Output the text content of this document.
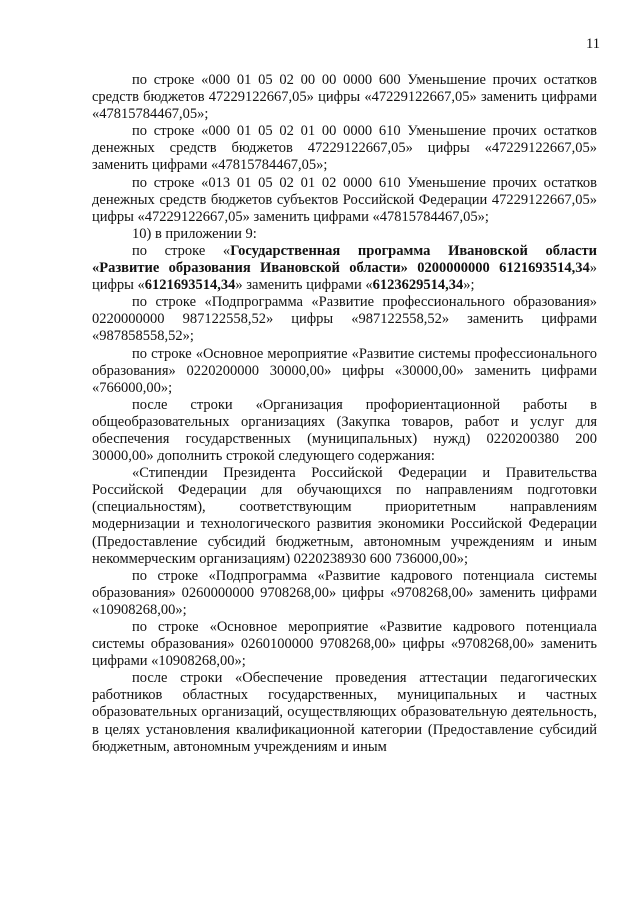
11

по строке «000 01 05 02 00 00 0000 600 Уменьшение прочих остатков средств бюджетов 47229122667,05» цифры «47229122667,05» заменить цифрами «47815784467,05»;

по строке «000 01 05 02 01 00 0000 610 Уменьшение прочих остатков денежных средств бюджетов 47229122667,05» цифры «47229122667,05» заменить цифрами «47815784467,05»;

по строке «013 01 05 02 01 02 0000 610 Уменьшение прочих остатков денежных средств бюджетов субъектов Российской Федерации 47229122667,05» цифры «47229122667,05» заменить цифрами «47815784467,05»;

10) в приложении 9:

по строке «Государственная программа Ивановской области «Развитие образования Ивановской области» 0200000000 6121693514,34» цифры «6121693514,34» заменить цифрами «6123629514,34»;

по строке «Подпрограмма «Развитие профессионального образования» 0220000000 987122558,52» цифры «987122558,52» заменить цифрами «987858558,52»;

по строке «Основное мероприятие «Развитие системы профессионального образования» 0220200000 30000,00» цифры «30000,00» заменить цифрами «766000,00»;

после строки «Организация профориентационной работы в общеобразовательных организациях (Закупка товаров, работ и услуг для обеспечения государственных (муниципальных) нужд) 0220200380 200 30000,00» дополнить строкой следующего содержания:

«Стипендии Президента Российской Федерации и Правительства Российской Федерации для обучающихся по направлениям подготовки (специальностям), соответствующим приоритетным направлениям модернизации и технологического развития экономики Российской Федерации (Предоставление субсидий бюджетным, автономным учреждениям и иным некоммерческим организациям) 0220238930 600 736000,00»;

по строке «Подпрограмма «Развитие кадрового потенциала системы образования» 0260000000 9708268,00» цифры «9708268,00» заменить цифрами «10908268,00»;

по строке «Основное мероприятие «Развитие кадрового потенциала системы образования» 0260100000 9708268,00» цифры «9708268,00» заменить цифрами «10908268,00»;

после строки «Обеспечение проведения аттестации педагогических работников областных государственных, муниципальных и частных образовательных организаций, осуществляющих образовательную деятельность, в целях установления квалификационной категории (Предоставление субсидий бюджетным, автономным учреждениям и иным
